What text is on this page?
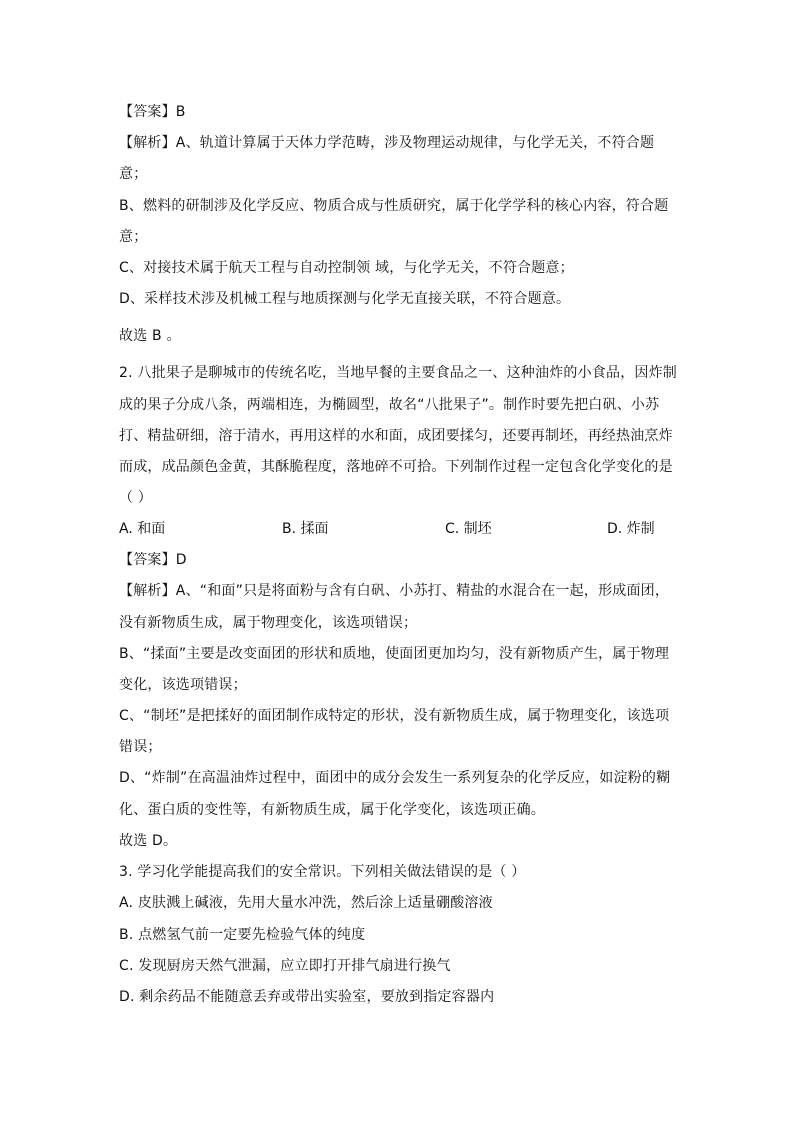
【答案】B
【解析】A、轨道计算属于天体力学范畴，涉及物理运动规律，与化学无关，不符合题
意；
B、燃料的研制涉及化学反应、物质合成与性质研究，属于化学学科的核心内容，符合题
意；
C、对接技术属于航天工程与自动控制领 域，与化学无关，不符合题意；
D、采样技术涉及机械工程与地质探测与化学无直接关联，不符合题意。
故选 B 。
2. 八批果子是聊城市的传统名吃，当地早餐的主要食品之一、这种油炸的小食品，因炸制
成的果子分成八条，两端相连，为椭圆型，故名“八批果子”。制作时要先把白矾、小苏
打、精盐研细，溶于清水，再用这样的水和面，成团要揉匀，还要再制坯，再经热油烹炸
而成，成品颜色金黄，其酥脆程度，落地碎不可拾。下列制作过程一定包含化学变化的是
（ ）
A. 和面	B. 揉面	C. 制坯	D. 炸制
【答案】D
【解析】A、“和面”只是将面粉与含有白矾、小苏打、精盐的水混合在一起，形成面团，
没有新物质生成，属于物理变化，该选项错误；
B、“揉面”主要是改变面团的形状和质地，使面团更加均匀，没有新物质产生，属于物理
变化，该选项错误；
C、“制坯”是把揉好的面团制作成特定的形状，没有新物质生成，属于物理变化，该选项
错误；
D、“炸制”在高温油炸过程中，面团中的成分会发生一系列复杂的化学反应，如淀粉的糊
化、蛋白质的变性等，有新物质生成，属于化学变化，该选项正确。
故选 D。
3. 学习化学能提高我们的安全常识。下列相关做法错误的是（ ）
A. 皮肤溅上碱液，先用大量水冲洗，然后涂上适量硼酸溶液
B. 点燃氢气前一定要先检验气体的纯度
C. 发现厨房天然气泄漏，应立即打开排气扇进行换气
D. 剩余药品不能随意丢弃或带出实验室，要放到指定容器内
